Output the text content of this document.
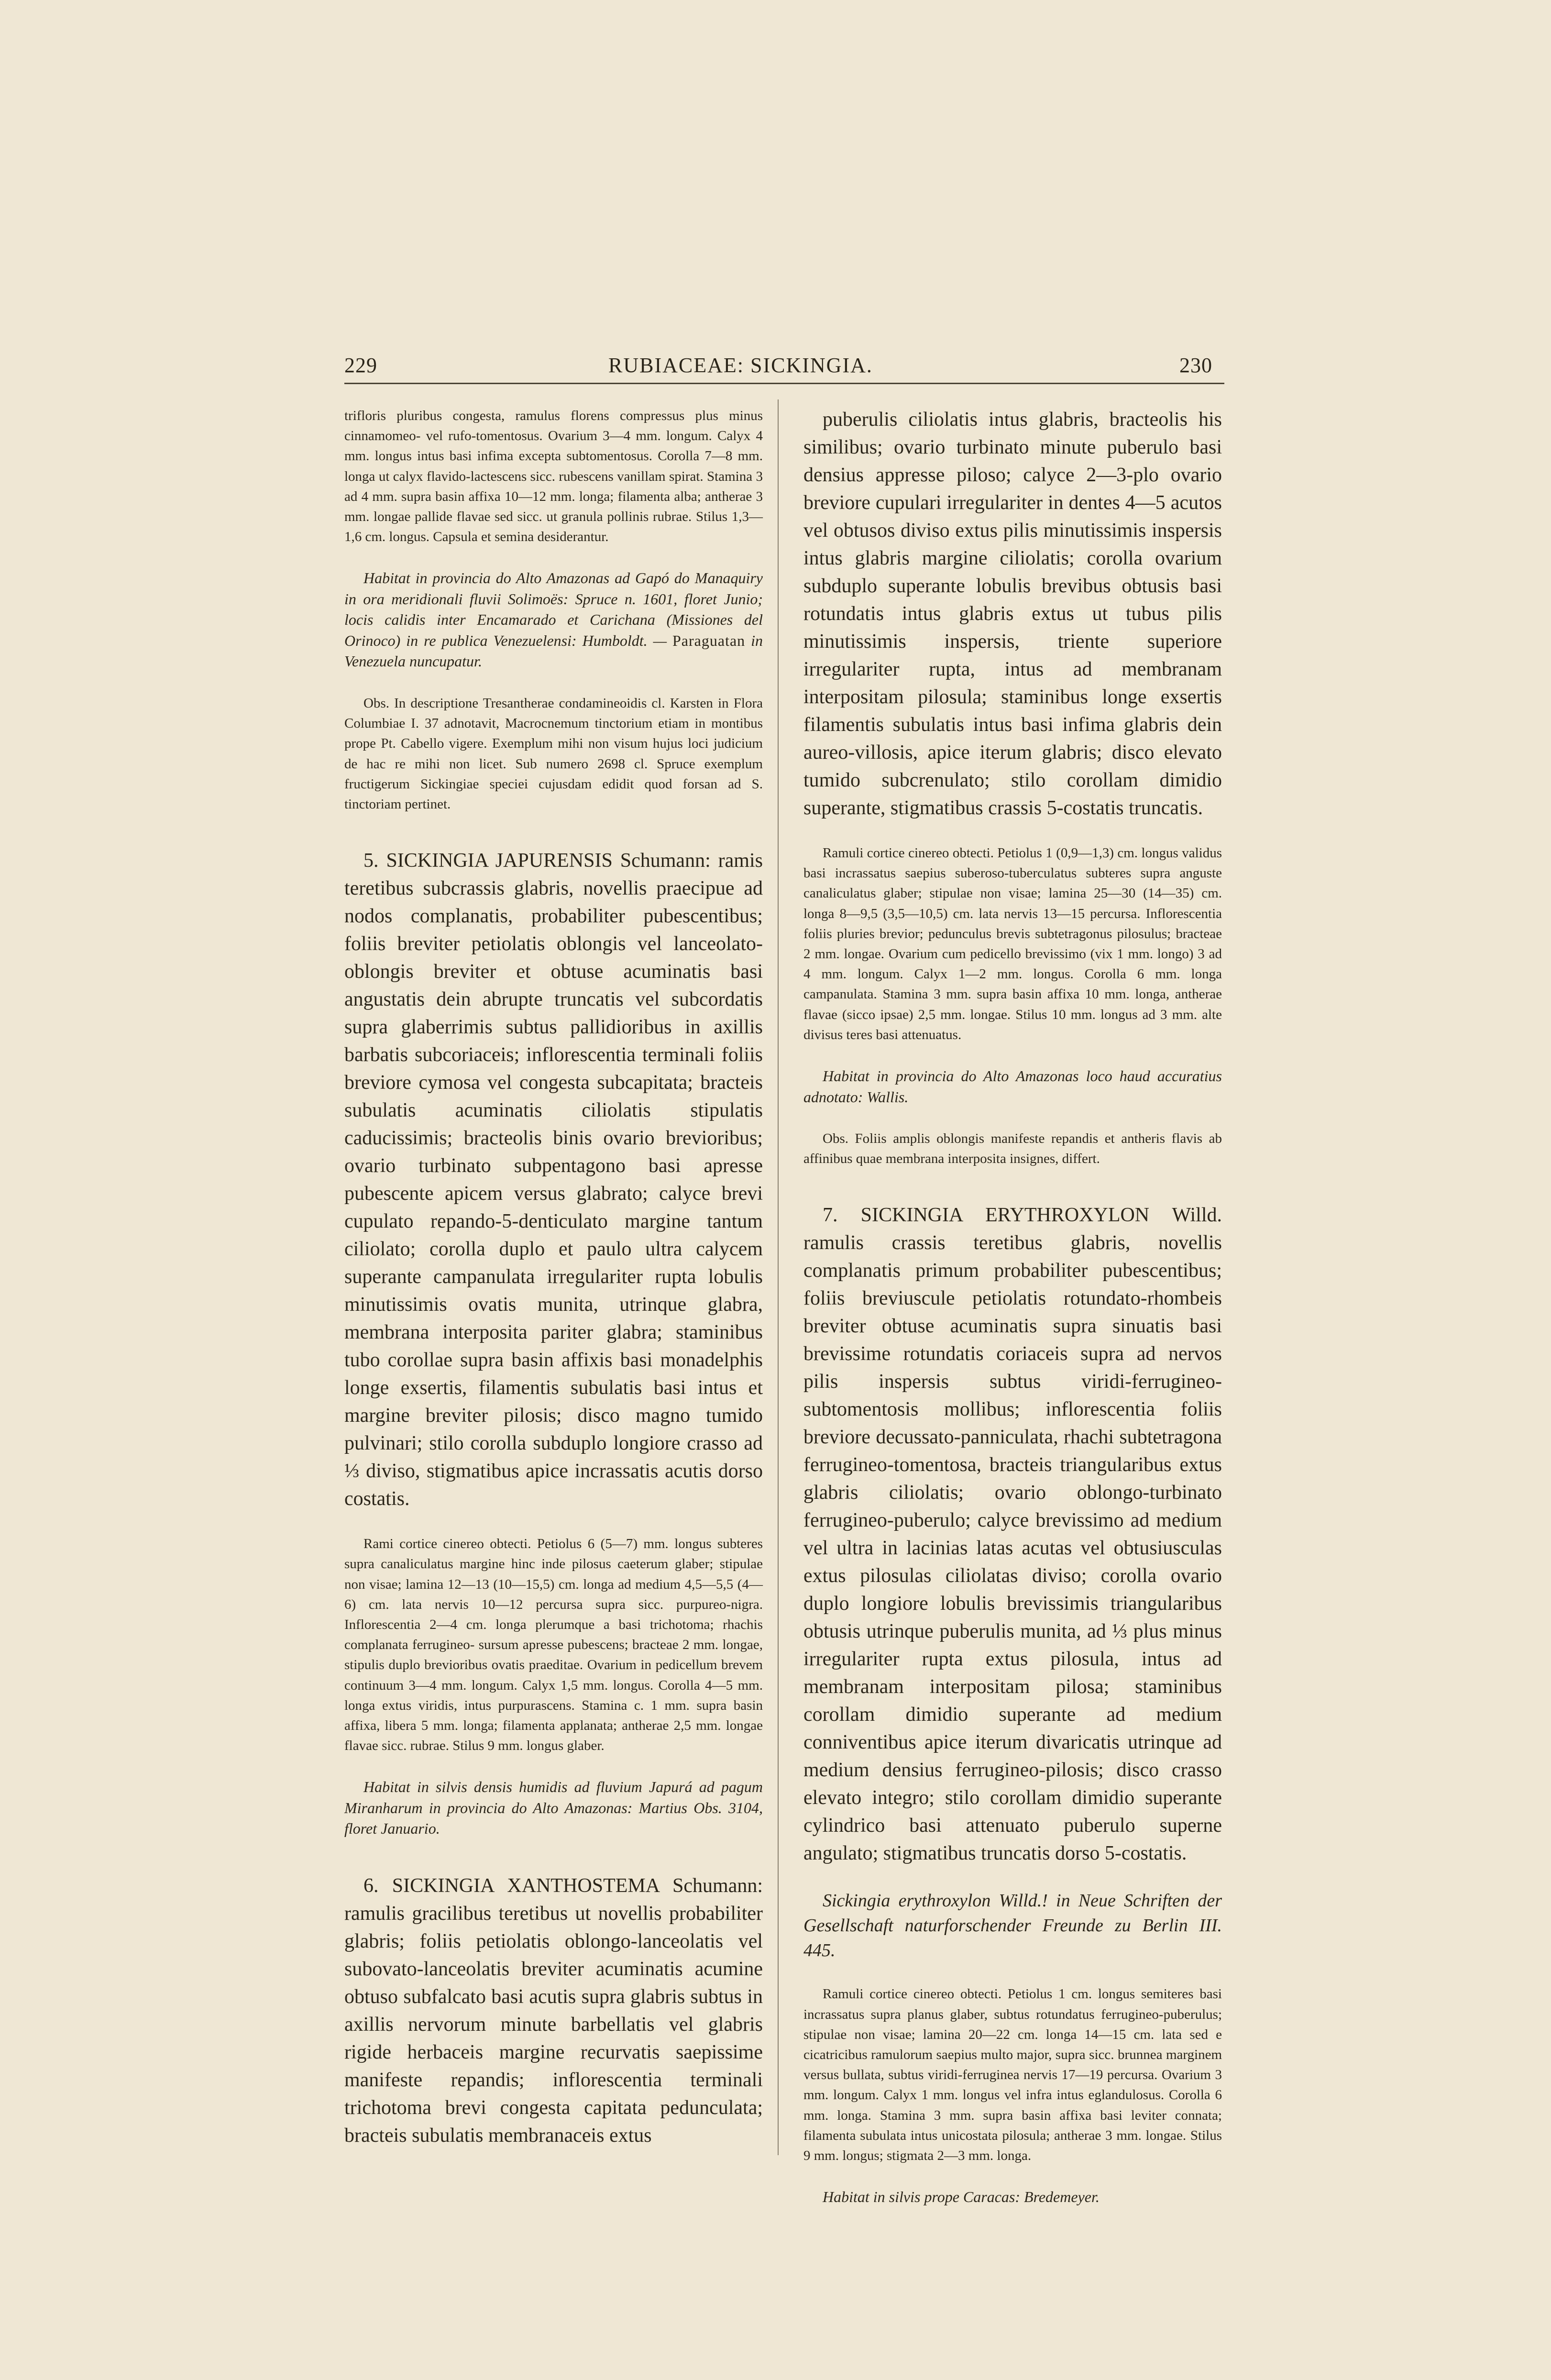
229	RUBIACEAE: SICKINGIA.	230

trifloris pluribus congesta, ramulus florens compressus plus minus cinnamomeo- vel rufo-tomentosus. Ovarium 3—4 mm. longum. Calyx 4 mm. longus intus basi infima excepta subtomentosus. Corolla 7—8 mm. longa ut calyx flavido-lactescens sicc. rubescens vanillam spirat. Stamina 3 ad 4 mm. supra basin affixa 10—12 mm. longa; filamenta alba; antherae 3 mm. longae pallide flavae sed sicc. ut granula pollinis rubrae. Stilus 1,3—1,6 cm. longus. Capsula et semina desiderantur.

Habitat in provincia do Alto Amazonas ad Gapó do Manaquiry in ora meridionali fluvii Solimoës: Spruce n. 1601, floret Junio; locis calidis inter Encamarado et Carichana (Missiones del Orinoco) in re publica Venezuelensi: Humboldt. — Paraguatan in Venezuela nuncupatur.

Obs. In descriptione Tresantherae condamineoidis cl. Karsten in Flora Columbiae I. 37 adnotavit, Macrocnemum tinctorium etiam in montibus prope Pt. Cabello vigere. Exemplum mihi non visum hujus loci judicium de hac re mihi non licet. Sub numero 2698 cl. Spruce exemplum fructigerum Sickingiae speciei cujusdam edidit quod forsan ad S. tinctoriam pertinet.

5. SICKINGIA JAPURENSIS Schumann: ramis teretibus subcrassis glabris, novellis praecipue ad nodos complanatis, probabiliter pubescentibus; foliis breviter petiolatis oblongis vel lanceolato-oblongis breviter et obtuse acuminatis basi angustatis dein abrupte truncatis vel subcordatis supra glaberrimis subtus pallidioribus in axillis barbatis subcoriaceis; inflorescentia terminali foliis breviore cymosa vel congesta subcapitata; bracteis subulatis acuminatis ciliolatis stipulatis caducissimis; bracteolis binis ovario brevioribus; ovario turbinato subpentagono basi apresse pubescente apicem versus glabrato; calyce brevi cupulato repando-5-denticulato margine tantum ciliolato; corolla duplo et paulo ultra calycem superante campanulata irregulariter rupta lobulis minutissimis ovatis munita, utrinque glabra, membrana interposita pariter glabra; staminibus tubo corollae supra basin affixis basi monadelphis longe exsertis, filamentis subulatis basi intus et margine breviter pilosis; disco magno tumido pulvinari; stilo corolla subduplo longiore crasso ad ⅓ diviso, stigmatibus apice incrassatis acutis dorso costatis.

Rami cortice cinereo obtecti. Petiolus 6 (5—7) mm. longus subteres supra canaliculatus margine hinc inde pilosus caeterum glaber; stipulae non visae; lamina 12—13 (10—15,5) cm. longa ad medium 4,5—5,5 (4—6) cm. lata nervis 10—12 percursa supra sicc. purpureo-nigra. Inflorescentia 2—4 cm. longa plerumque a basi trichotoma; rhachis complanata ferrugineo- sursum apresse pubescens; bracteae 2 mm. longae, stipulis duplo brevioribus ovatis praeditae. Ovarium in pedicellum brevem continuum 3—4 mm. longum. Calyx 1,5 mm. longus. Corolla 4—5 mm. longa extus viridis, intus purpurascens. Stamina c. 1 mm. supra basin affixa, libera 5 mm. longa; filamenta applanata; antherae 2,5 mm. longae flavae sicc. rubrae. Stilus 9 mm. longus glaber.

Habitat in silvis densis humidis ad fluvium Japurá ad pagum Miranharum in provincia do Alto Amazonas: Martius Obs. 3104, floret Januario.

6. SICKINGIA XANTHOSTEMA Schumann: ramulis gracilibus teretibus ut novellis probabiliter glabris; foliis petiolatis oblongo-lanceolatis vel subovato-lanceolatis breviter acuminatis acumine obtuso subfalcato basi acutis supra glabris subtus in axillis nervorum minute barbellatis vel glabris rigide herbaceis margine recurvatis saepissime manifeste repandis; inflorescentia terminali trichotoma brevi congesta capitata pedunculata; bracteis subulatis membranaceis extus

puberulis ciliolatis intus glabris, bracteolis his similibus; ovario turbinato minute puberulo basi densius appresse piloso; calyce 2—3-plo ovario breviore cupulari irregulariter in dentes 4—5 acutos vel obtusos diviso extus pilis minutissimis inspersis intus glabris margine ciliolatis; corolla ovarium subduplo superante lobulis brevibus obtusis basi rotundatis intus glabris extus ut tubus pilis minutissimis inspersis, triente superiore irregulariter rupta, intus ad membranam interpositam pilosula; staminibus longe exsertis filamentis subulatis intus basi infima glabris dein aureo-villosis, apice iterum glabris; disco elevato tumido subcrenulato; stilo corollam dimidio superante, stigmatibus crassis 5-costatis truncatis.

Ramuli cortice cinereo obtecti. Petiolus 1 (0,9—1,3) cm. longus validus basi incrassatus saepius suberoso-tuberculatus subteres supra anguste canaliculatus glaber; stipulae non visae; lamina 25—30 (14—35) cm. longa 8—9,5 (3,5—10,5) cm. lata nervis 13—15 percursa. Inflorescentia foliis pluries brevior; pedunculus brevis subtetragonus pilosulus; bracteae 2 mm. longae. Ovarium cum pedicello brevissimo (vix 1 mm. longo) 3 ad 4 mm. longum. Calyx 1—2 mm. longus. Corolla 6 mm. longa campanulata. Stamina 3 mm. supra basin affixa 10 mm. longa, antherae flavae (sicco ipsae) 2,5 mm. longae. Stilus 10 mm. longus ad 3 mm. alte divisus teres basi attenuatus.

Habitat in provincia do Alto Amazonas loco haud accuratius adnotato: Wallis.

Obs. Foliis amplis oblongis manifeste repandis et antheris flavis ab affinibus quae membrana interposita insignes, differt.

7. SICKINGIA ERYTHROXYLON Willd. ramulis crassis teretibus glabris, novellis complanatis primum probabiliter pubescentibus; foliis breviuscule petiolatis rotundato-rhombeis breviter obtuse acuminatis supra sinuatis basi brevissime rotundatis coriaceis supra ad nervos pilis inspersis subtus viridi-ferrugineo-subtomentosis mollibus; inflorescentia foliis breviore decussato-panniculata, rhachi subtetragona ferrugineo-tomentosa, bracteis triangularibus extus glabris ciliolatis; ovario oblongo-turbinato ferrugineo-puberulo; calyce brevissimo ad medium vel ultra in lacinias latas acutas vel obtusiusculas extus pilosulas ciliolatas diviso; corolla ovario duplo longiore lobulis brevissimis triangularibus obtusis utrinque puberulis munita, ad ⅓ plus minus irregulariter rupta extus pilosula, intus ad membranam interpositam pilosa; staminibus corollam dimidio superante ad medium conniventibus apice iterum divaricatis utrinque ad medium densius ferrugineo-pilosis; disco crasso elevato integro; stilo corollam dimidio superante cylindrico basi attenuato puberulo superne angulato; stigmatibus truncatis dorso 5-costatis.

Sickingia erythroxylon Willd.! in Neue Schriften der Gesellschaft naturforschender Freunde zu Berlin III. 445.

Ramuli cortice cinereo obtecti. Petiolus 1 cm. longus semiteres basi incrassatus supra planus glaber, subtus rotundatus ferrugineo-puberulus; stipulae non visae; lamina 20—22 cm. longa 14—15 cm. lata sed e cicatricibus ramulorum saepius multo major, supra sicc. brunnea marginem versus bullata, subtus viridi-ferruginea nervis 17—19 percursa. Ovarium 3 mm. longum. Calyx 1 mm. longus vel infra intus eglandulosus. Corolla 6 mm. longa. Stamina 3 mm. supra basin affixa basi leviter connata; filamenta subulata intus unicostata pilosula; antherae 3 mm. longae. Stilus 9 mm. longus; stigmata 2—3 mm. longa.

Habitat in silvis prope Caracas: Bredemeyer.
